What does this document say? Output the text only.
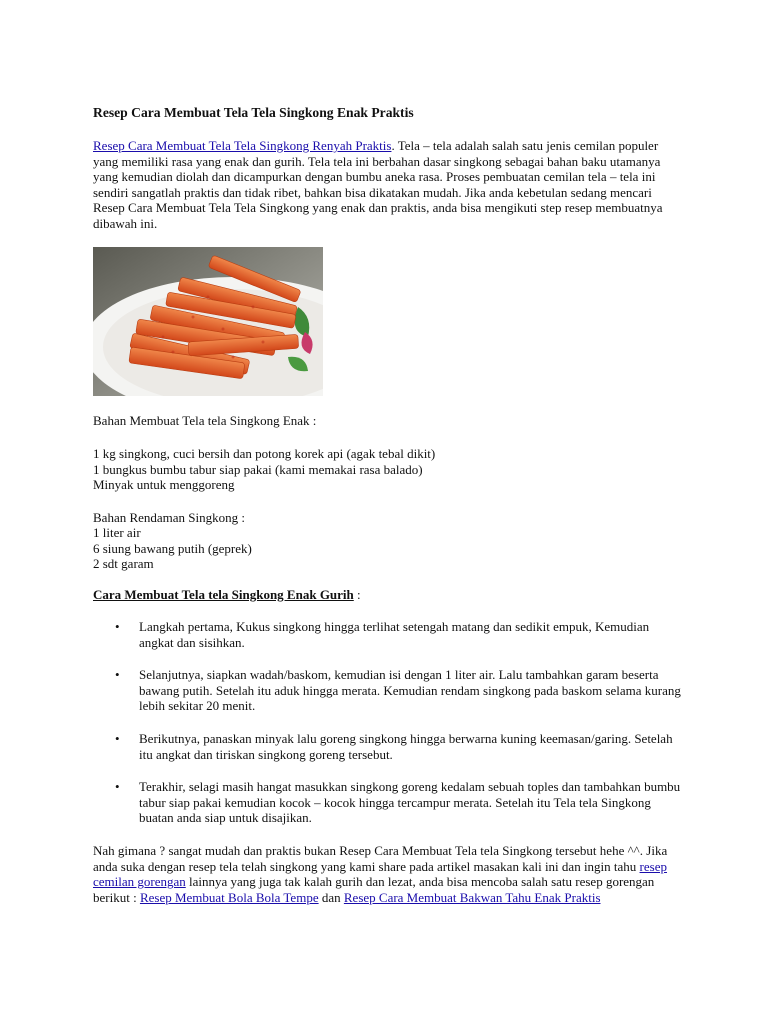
Resep Cara Membuat Tela Tela Singkong Enak Praktis

Resep Cara Membuat Tela Tela Singkong Renyah Praktis. Tela – tela adalah salah satu jenis cemilan populer yang memiliki rasa yang enak dan gurih. Tela tela ini berbahan dasar singkong sebagai bahan baku utamanya yang kemudian diolah dan dicampurkan dengan bumbu aneka rasa. Proses pembuatan cemilan tela – tela ini sendiri sangatlah praktis dan tidak ribet, bahkan bisa dikatakan mudah. Jika anda kebetulan sedang mencari Resep Cara Membuat Tela Tela Singkong yang enak dan praktis, anda bisa mengikuti step resep membuatnya dibawah ini.

Bahan Membuat Tela tela Singkong Enak :

1 kg singkong, cuci bersih dan potong korek api (agak tebal dikit)
1 bungkus bumbu tabur siap pakai (kami memakai rasa balado)
Minyak untuk menggoreng

Bahan Rendaman Singkong :

1 liter air
6 siung bawang putih (geprek)
2 sdt garam

Cara Membuat Tela tela Singkong Enak Gurih :

• Langkah pertama, Kukus singkong hingga terlihat setengah matang dan sedikit empuk, Kemudian angkat dan sisihkan.
• Selanjutnya, siapkan wadah/baskom, kemudian isi dengan 1 liter air. Lalu tambahkan garam beserta bawang putih. Setelah itu aduk hingga merata. Kemudian rendam singkong pada baskom selama kurang lebih sekitar 20 menit.
• Berikutnya, panaskan minyak lalu goreng singkong hingga berwarna kuning keemasan/garing. Setelah itu angkat dan tiriskan singkong goreng tersebut.
• Terakhir, selagi masih hangat masukkan singkong goreng kedalam sebuah toples dan tambahkan bumbu tabur siap pakai kemudian kocok – kocok hingga tercampur merata. Setelah itu Tela tela Singkong buatan anda siap untuk disajikan.

Nah gimana ? sangat mudah dan praktis bukan Resep Cara Membuat Tela tela Singkong tersebut hehe ^^. Jika anda suka dengan resep tela telah singkong yang kami share pada artikel masakan kali ini dan ingin tahu resep cemilan gorengan lainnya yang juga tak kalah gurih dan lezat, anda bisa mencoba salah satu resep gorengan berikut : Resep Membuat Bola Bola Tempe dan Resep Cara Membuat Bakwan Tahu Enak Praktis
